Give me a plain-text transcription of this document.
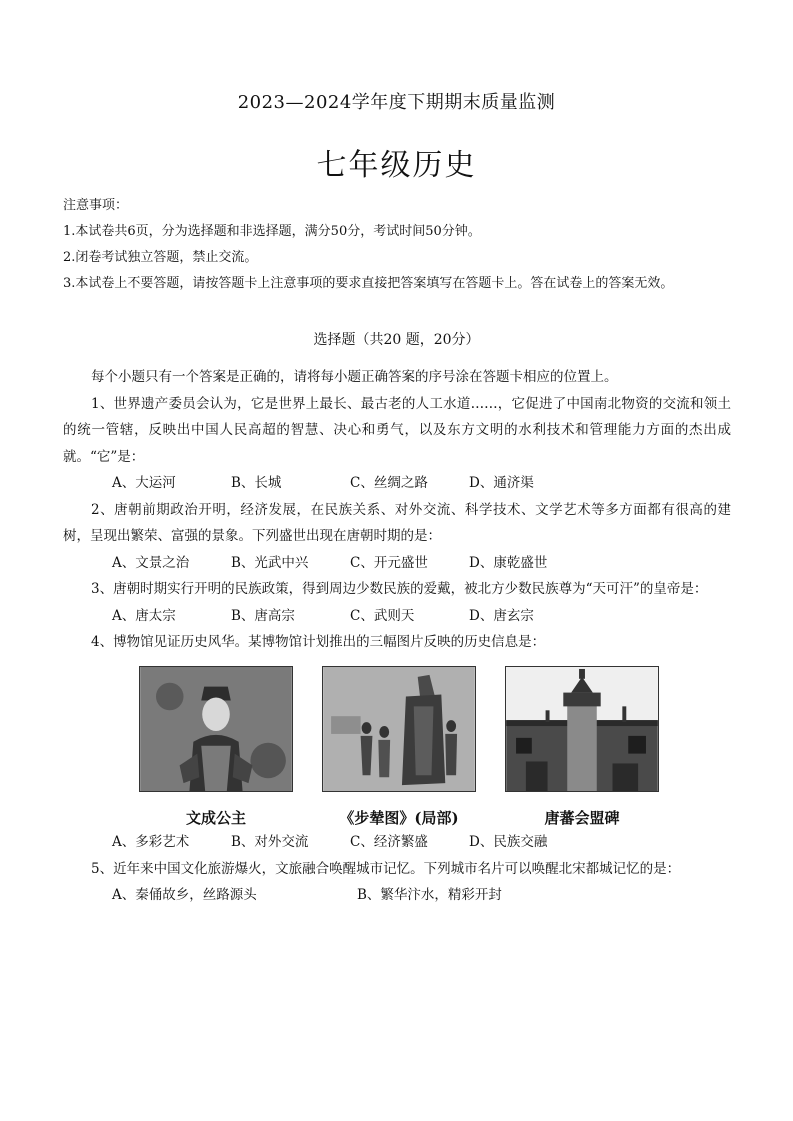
2023—2024学年度下期期末质量监测
七年级历史
注意事项：
1.本试卷共6页，分为选择题和非选择题，满分50分，考试时间50分钟。
2.闭卷考试独立答题，禁止交流。
3.本试卷上不要答题，请按答题卡上注意事项的要求直接把答案填写在答题卡上。答在试卷上的答案无效。
选择题（共20 题，20分）
每个小题只有一个答案是正确的，请将每小题正确答案的序号涂在答题卡相应的位置上。
1、世界遗产委员会认为，它是世界上最长、最古老的人工水道……，它促进了中国南北物资的交流和领土的统一管辖，反映出中国人民高超的智慧、决心和勇气，以及东方文明的水利技术和管理能力方面的杰出成就。“它”是：
A、大运河	B、长城	C、丝绸之路	D、通济渠
2、唐朝前期政治开明，经济发展，在民族关系、对外交流、科学技术、文学艺术等多方面都有很高的建树，呈现出繁荣、富强的景象。下列盛世出现在唐朝时期的是：
A、文景之治	B、光武中兴	C、开元盛世	D、康乾盛世
3、唐朝时期实行开明的民族政策，得到周边少数民族的爱戴，被北方少数民族尊为“天可汗”的皇帝是：
A、唐太宗	B、唐高宗	C、武则天	D、唐玄宗
4、博物馆见证历史风华。某博物馆计划推出的三幅图片反映的历史信息是：
文成公主	《步辇图》(局部)	唐蕃会盟碑
A、多彩艺术	B、对外交流	C、经济繁盛	D、民族交融
5、近年来中国文化旅游爆火，文旅融合唤醒城市记忆。下列城市名片可以唤醒北宋都城记忆的是：
A、秦俑故乡，丝路源头	B、繁华汴水，精彩开封
